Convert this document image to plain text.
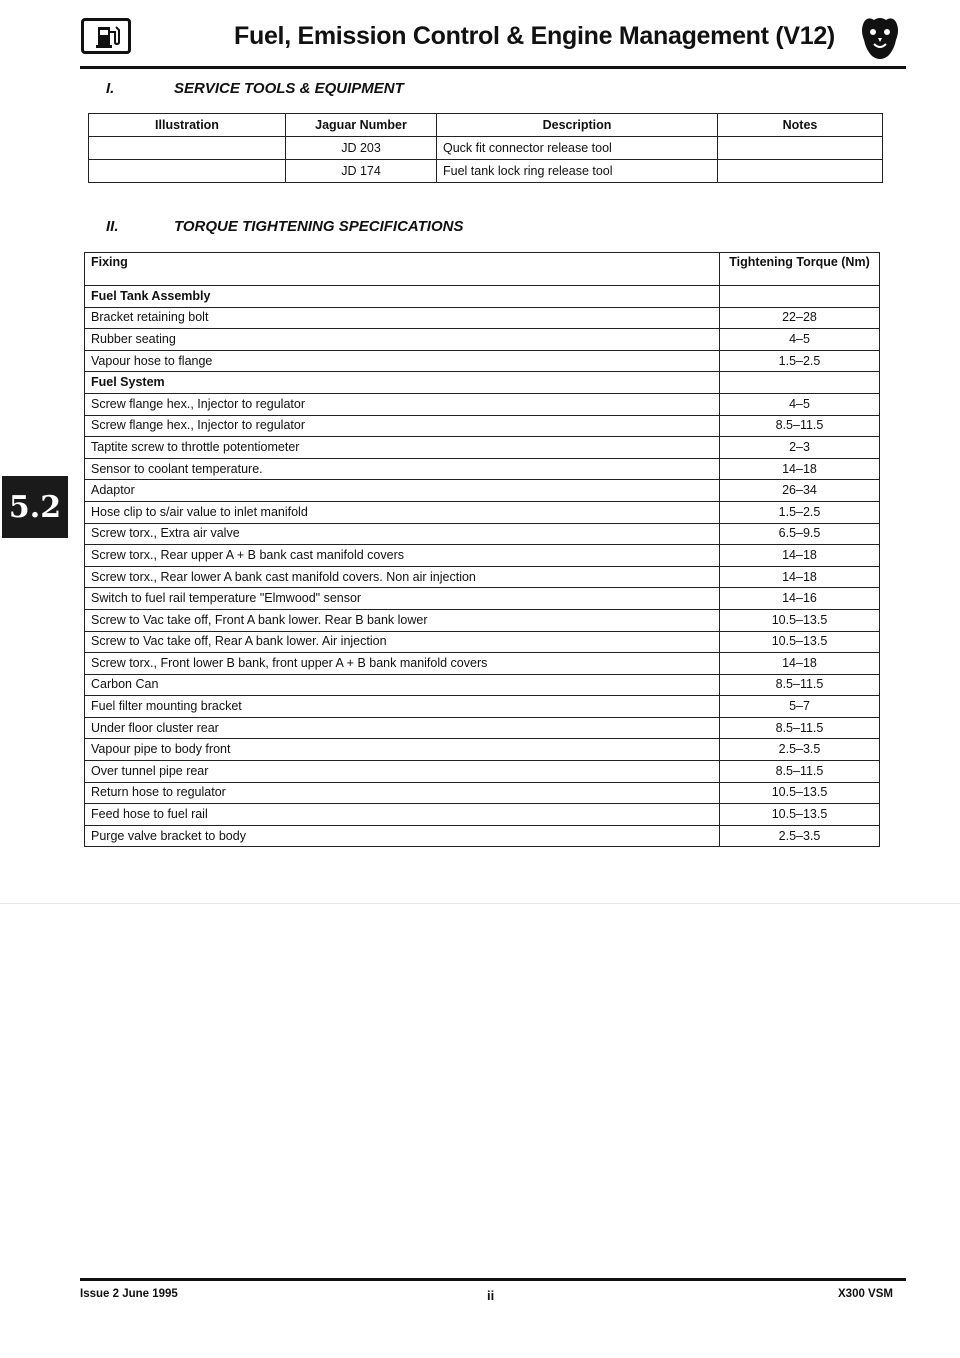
Fuel, Emission Control & Engine Management (V12)
5.2
I.	SERVICE TOOLS & EQUIPMENT
Illustration	Jaguar Number	Description	Notes
	JD 203	Quck fit connector release tool	
	JD 174	Fuel tank lock ring release tool	
II.	TORQUE TIGHTENING SPECIFICATIONS
Fixing	Tightening Torque (Nm)
Fuel Tank Assembly	
Bracket retaining bolt	22–28
Rubber seating	4–5
Vapour hose to flange	1.5–2.5
Fuel System	
Screw flange hex., Injector to regulator	4–5
Screw flange hex., Injector to regulator	8.5–11.5
Taptite screw to throttle potentiometer	2–3
Sensor to coolant temperature.	14–18
Adaptor	26–34
Hose clip to s/air value to inlet manifold	1.5–2.5
Screw torx., Extra air valve	6.5–9.5
Screw torx., Rear upper A + B bank cast manifold covers	14–18
Screw torx., Rear lower A bank cast manifold covers. Non air injection	14–18
Switch to fuel rail temperature "Elmwood" sensor	14–16
Screw to Vac take off, Front A bank lower. Rear B bank lower	10.5–13.5
Screw to Vac take off, Rear A bank lower. Air injection	10.5–13.5
Screw torx., Front lower B bank, front upper A + B bank manifold covers	14–18
Carbon Can	8.5–11.5
Fuel filter mounting bracket	5–7
Under floor cluster rear	8.5–11.5
Vapour pipe to body front	2.5–3.5
Over tunnel pipe rear	8.5–11.5
Return hose to regulator	10.5–13.5
Feed hose to fuel rail	10.5–13.5
Purge valve bracket to body	2.5–3.5
Issue 2 June 1995	ii	X300 VSM
